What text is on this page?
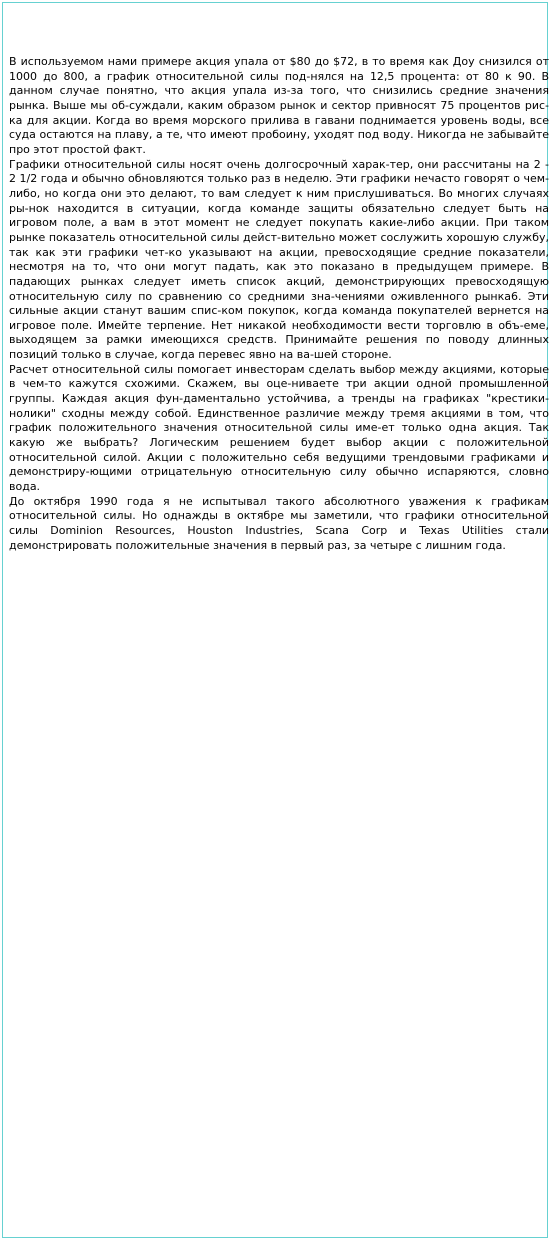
В используемом нами примере акция упала от $80 до $72, в то время как Доу снизился от 1000 до 800, а график относительной силы под-нялся на 12,5 процента: от 80 к 90. В данном случае понятно, что акция упала из-за того, что снизились средние значения рынка. Выше мы об-суждали, каким образом рынок и сектор привносят 75 процентов рис-ка для акции. Когда во время морского прилива в гавани поднимается уровень воды, все суда остаются на плаву, а те, что имеют пробоину, уходят под воду. Никогда не забывайте про этот простой факт.

Графики относительной силы носят очень долгосрочный харак-тер, они рассчитаны на 2 - 2 1/2 года и обычно обновляются только раз в неделю. Эти графики нечасто говорят о чем-либо, но когда они это делают, то вам следует к ним прислушиваться. Во многих случаях ры-нок находится в ситуации, когда команде защиты обязательно следует быть на игровом поле, а вам в этот момент не следует покупать какие-либо акции. При таком рынке показатель относительной силы дейст-вительно может сослужить хорошую службу, так как эти графики чет-ко указывают на акции, превосходящие средние показатели, несмотря на то, что они могут падать, как это показано в предыдущем примере. В падающих рынках следует иметь список акций, демонстрирующих превосходящую относительную силу по сравнению со средними зна-чениями оживленного рынка6. Эти сильные акции станут вашим спис-ком покупок, когда команда покупателей вернется на игровое поле. Имейте терпение. Нет никакой необходимости вести торговлю в объ-еме, выходящем за рамки имеющихся средств. Принимайте решения по поводу длинных позиций только в случае, когда перевес явно на ва-шей стороне.

Расчет относительной силы помогает инвесторам сделать выбор между акциями, которые в чем-то кажутся схожими. Скажем, вы оце-ниваете три акции одной промышленной группы. Каждая акция фун-даментально устойчива, а тренды на графиках "крестики-нолики" сходны между собой. Единственное различие между тремя акциями в том, что график положительного значения относительной силы име-ет только одна акция. Так какую же выбрать? Логическим решением будет выбор акции с положительной относительной силой. Акции с положительно себя ведущими трендовыми графиками и демонстриру-ющими отрицательную относительную силу обычно испаряются, словно вода.

До октября 1990 года я не испытывал такого абсолютного уважения к графикам относительной силы. Но однажды в октябре мы заметили, что графики относительной силы Dominion Resources, Houston Industries, Scana Corp и Texas Utilities стали демонстрировать положительные значения в первый раз, за четыре с лишним года.
